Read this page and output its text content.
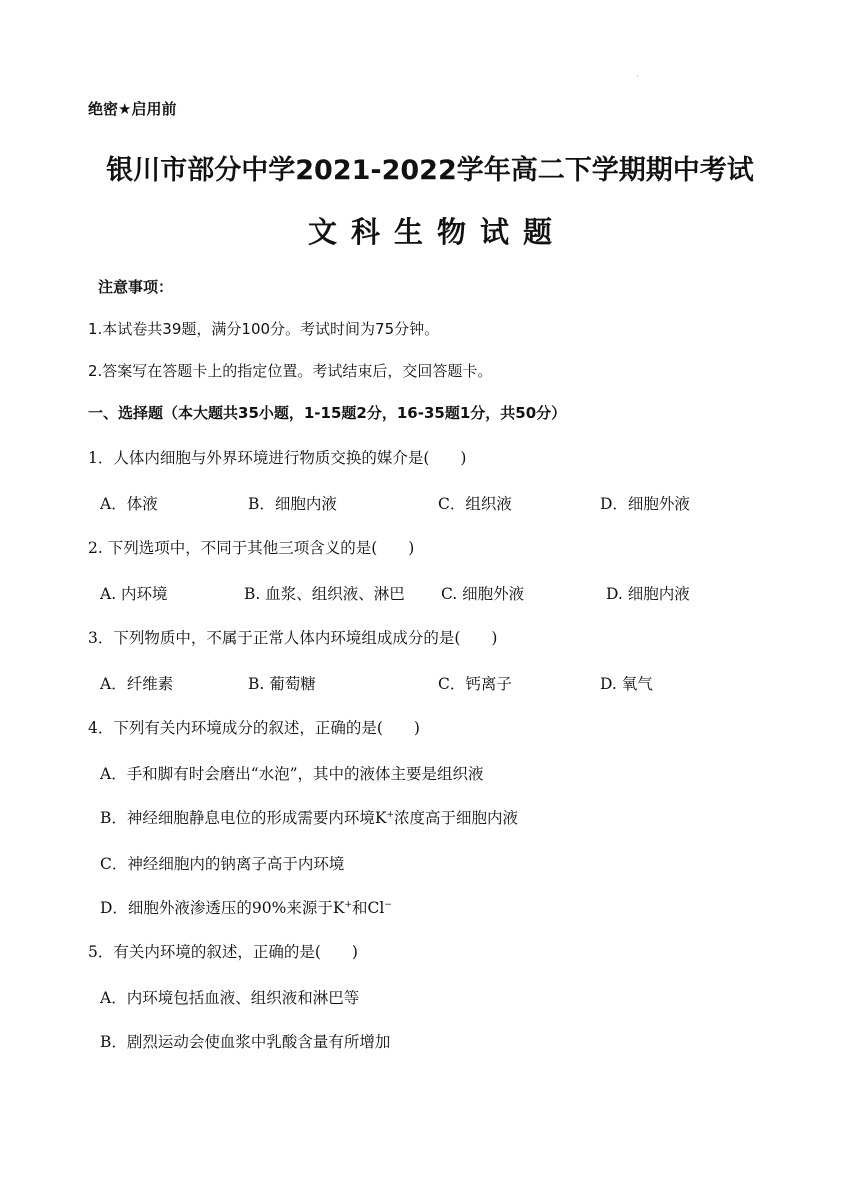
·
绝密★启用前
银川市部分中学2021-2022学年高二下学期期中考试
文科生物试题
注意事项：
1.本试卷共39题，满分100分。考试时间为75分钟。
2.答案写在答题卡上的指定位置。考试结束后，交回答题卡。
一、选择题（本大题共35小题，1-15题2分，16-35题1分，共50分）
1．人体内细胞与外界环境进行物质交换的媒介是(　　)
A．体液	B．细胞内液	C．组织液	D．细胞外液
2. 下列选项中，不同于其他三项含义的是(　　)
A. 内环境	B. 血浆、组织液、淋巴 C. 细胞外液	D. 细胞内液
3．下列物质中，不属于正常人体内环境组成成分的是(　　)
A．纤维素	B. 葡萄糖	C．钙离子	D. 氧气
4．下列有关内环境成分的叙述，正确的是(　　)
A．手和脚有时会磨出“水泡”，其中的液体主要是组织液
B．神经细胞静息电位的形成需要内环境K+浓度高于细胞内液
C．神经细胞内的钠离子高于内环境
D．细胞外液渗透压的90%来源于K+和Cl−
5．有关内环境的叙述，正确的是(　　)
A．内环境包括血液、组织液和淋巴等
B．剧烈运动会使血浆中乳酸含量有所增加
